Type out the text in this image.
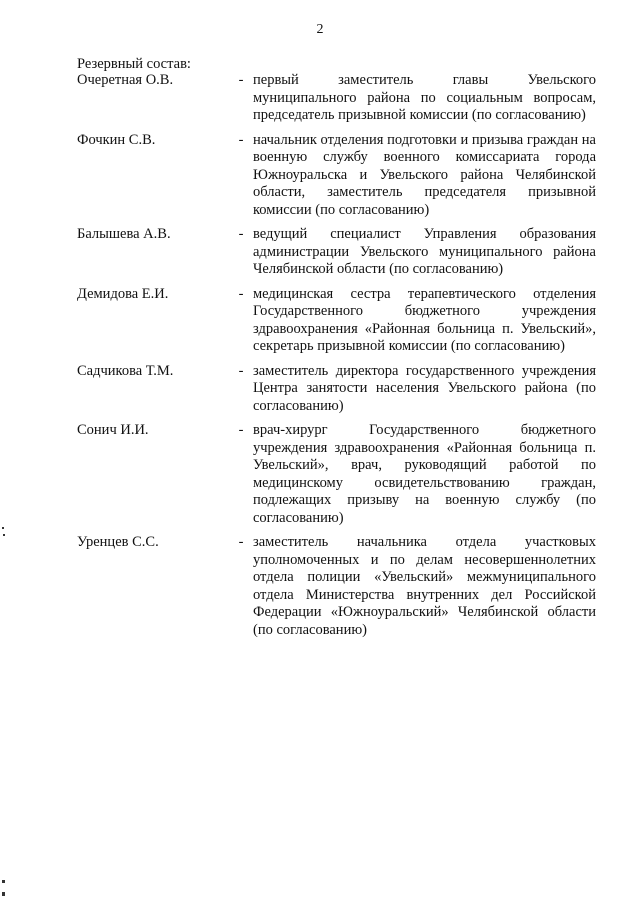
2
Резервный состав:
Очеретная О.В.	- первый заместитель главы Увельского муниципального района по социальным вопросам, председатель призывной комиссии (по согласованию)

Фочкин С.В.	- начальник отделения подготовки и призыва граждан на военную службу военного комиссариата города Южноуральска и Увельского района Челябинской области, заместитель председателя призывной комиссии (по согласованию)

Балышева А.В.	- ведущий специалист Управления образования администрации Увельского муниципального района Челябинской области (по согласованию)

Демидова Е.И.	- медицинская сестра терапевтического отделения Государственного бюджетного учреждения здравоохранения «Районная больница п. Увельский», секретарь призывной комиссии (по согласованию)

Садчикова Т.М.	- заместитель директора государственного учреждения Центра занятости населения Увельского района (по согласованию)

Сонич И.И.	- врач-хирург Государственного бюджетного учреждения здравоохранения «Районная больница п. Увельский», врач, руководящий работой по медицинскому освидетельствованию граждан, подлежащих призыву на военную службу (по согласованию)

Уренцев С.С.	- заместитель начальника отдела участковых уполномоченных и по делам несовершеннолетних отдела полиции «Увельский» межмуниципального отдела Министерства внутренних дел Российской Федерации «Южноуральский» Челябинской области (по согласованию)
